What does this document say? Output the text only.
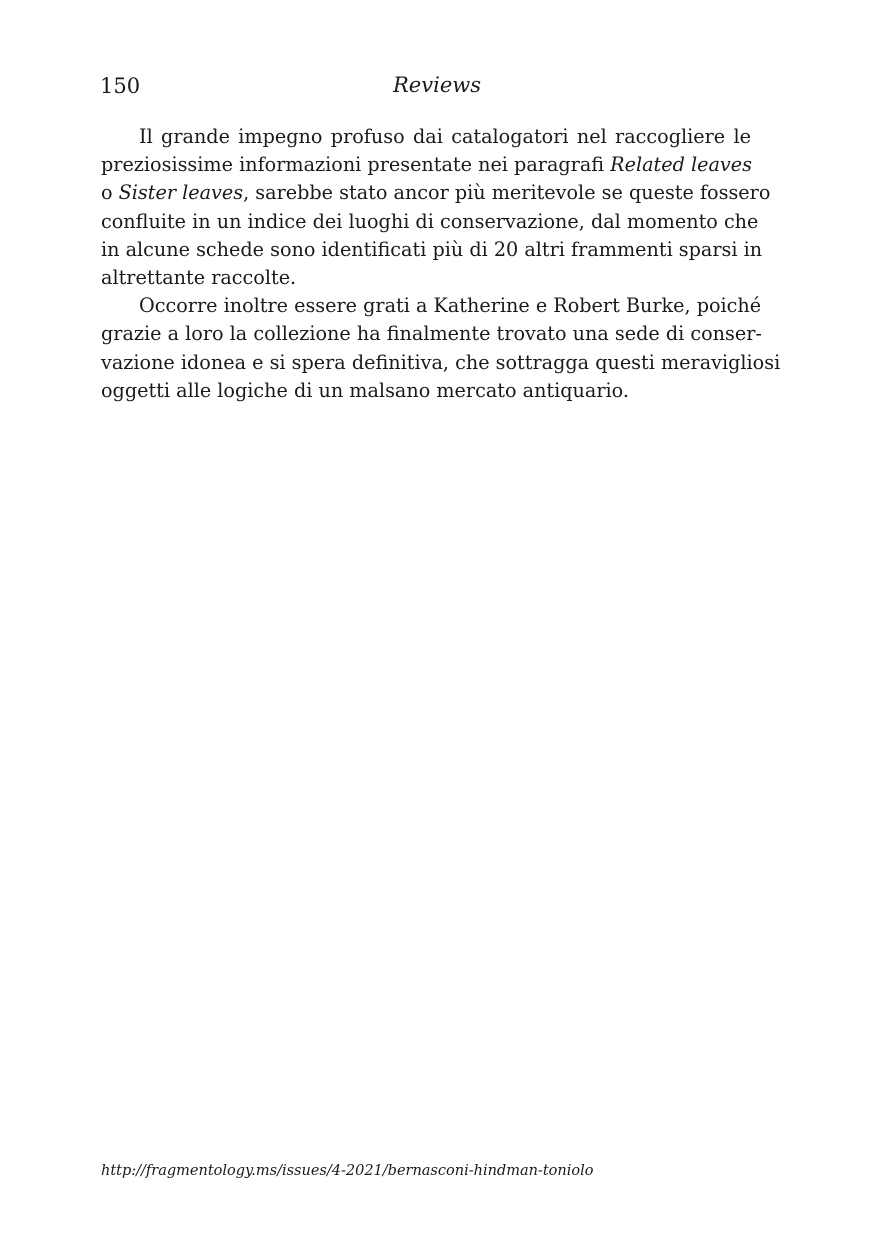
150	Reviews
Il grande impegno profuso dai catalogatori nel raccogliere le
preziosissime informazioni presentate nei paragrafi Related leaves
o Sister leaves, sarebbe stato ancor più meritevole se queste fossero
confluite in un indice dei luoghi di conservazione, dal momento che
in alcune schede sono identificati più di 20 altri frammenti sparsi in
altrettante raccolte.
Occorre inoltre essere grati a Katherine e Robert Burke, poiché
grazie a loro la collezione ha finalmente trovato una sede di conser-
vazione idonea e si spera definitiva, che sottragga questi meravigliosi
oggetti alle logiche di un malsano mercato antiquario.
http://fragmentology.ms/issues/4-2021/bernasconi-hindman-toniolo
